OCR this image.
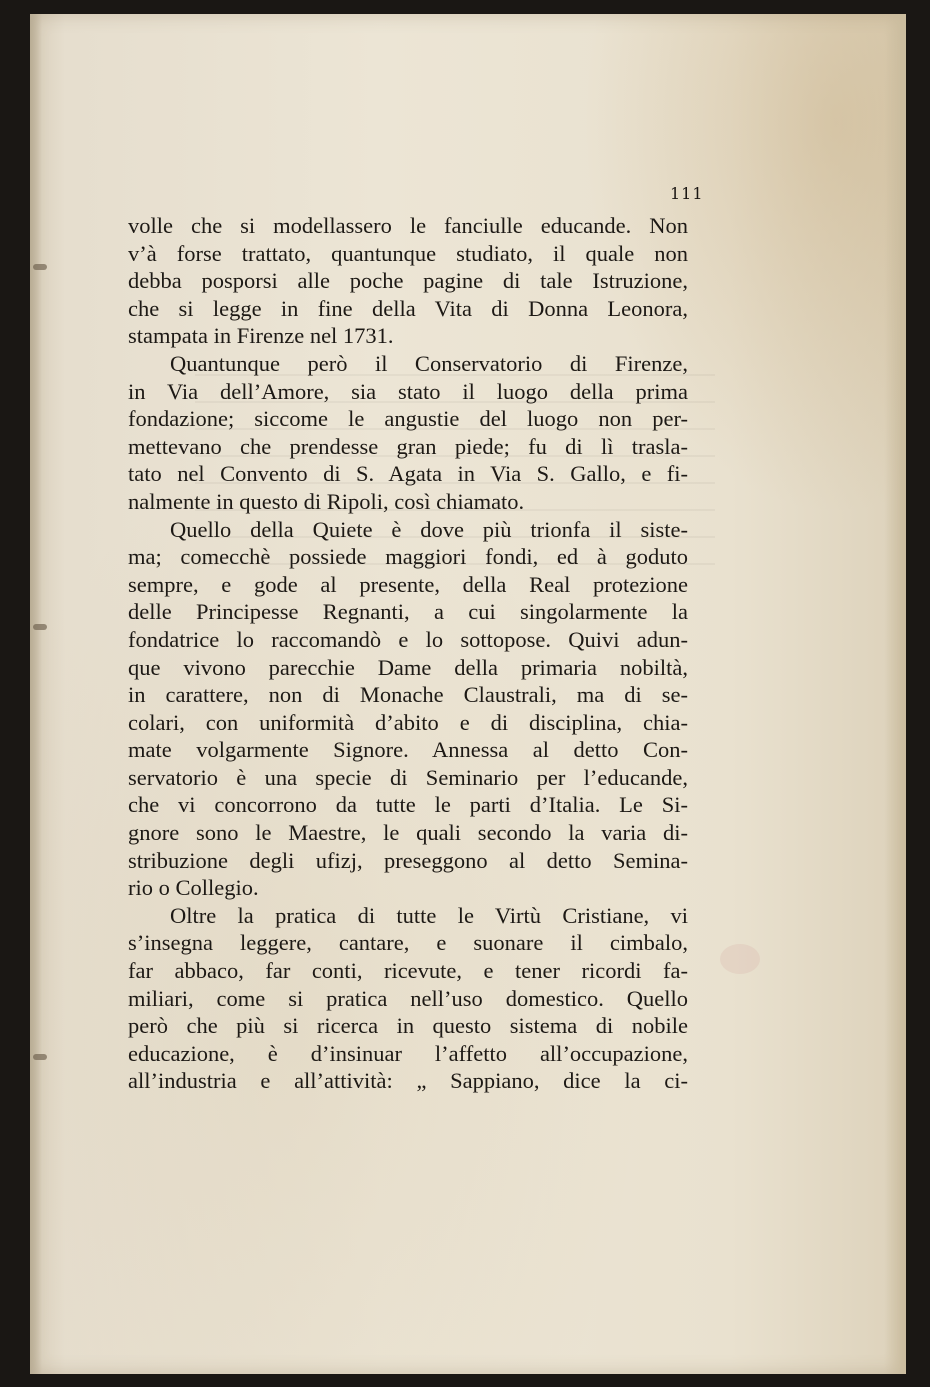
111
volle che si modellassero le fanciulle educande. Non
v’à forse trattato, quantunque studiato, il quale non
debba posporsi alle poche pagine di tale Istruzione,
che si legge in fine della Vita di Donna Leonora,
stampata in Firenze nel 1731.
Quantunque però il Conservatorio di Firenze,
in Via dell’Amore, sia stato il luogo della prima
fondazione; siccome le angustie del luogo non per-
mettevano che prendesse gran piede; fu di lì trasla-
tato nel Convento di S. Agata in Via S. Gallo, e fi-
nalmente in questo di Ripoli, così chiamato.
Quello della Quiete è dove più trionfa il siste-
ma; comecchè possiede maggiori fondi, ed à goduto
sempre, e gode al presente, della Real protezione
delle Principesse Regnanti, a cui singolarmente la
fondatrice lo raccomandò e lo sottopose. Quivi adun-
que vivono parecchie Dame della primaria nobiltà,
in carattere, non di Monache Claustrali, ma di se-
colari, con uniformità d’abito e di disciplina, chia-
mate volgarmente Signore. Annessa al detto Con-
servatorio è una specie di Seminario per l’educande,
che vi concorrono da tutte le parti d’Italia. Le Si-
gnore sono le Maestre, le quali secondo la varia di-
stribuzione degli ufizj, preseggono al detto Semina-
rio o Collegio.
Oltre la pratica di tutte le Virtù Cristiane, vi
s’insegna leggere, cantare, e suonare il cimbalo,
far abbaco, far conti, ricevute, e tener ricordi fa-
miliari, come si pratica nell’uso domestico. Quello
però che più si ricerca in questo sistema di nobile
educazione, è d’insinuar l’affetto all’occupazione,
all’industria e all’attività: „ Sappiano, dice la ci-
